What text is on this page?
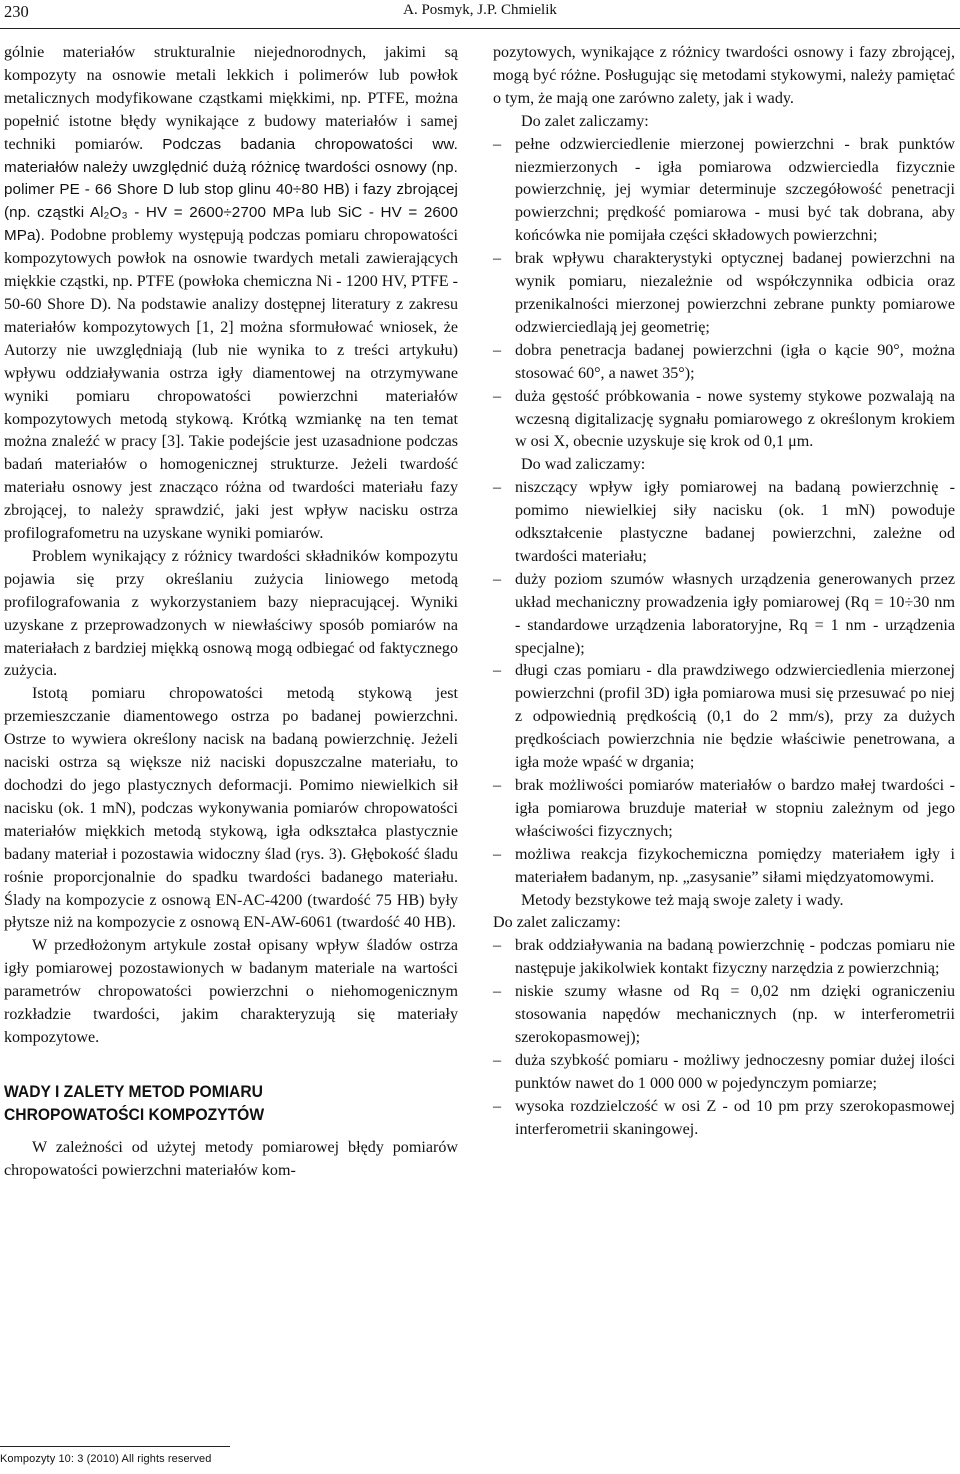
230	A. Posmyk, J.P. Chmielik

gólnie materiałów strukturalnie niejednorodnych, jakimi są kompozyty na osnowie metali lekkich i polimerów lub powłok metalicznych modyfikowane cząstkami miękkimi, np. PTFE, można popełnić istotne błędy wynikające z budowy materiałów i samej techniki pomiarów. Podczas badania chropowatości ww. materiałów należy uwzględnić dużą różnicę twardości osnowy (np. polimer PE - 66 Shore D lub stop glinu 40÷80 HB) i fazy zbrojącej (np. cząstki Al₂O₃ - HV = 2600÷2700 MPa lub SiC - HV = 2600 MPa). Podobne problemy występują podczas pomiaru chropowatości kompozytowych powłok na osnowie twardych metali zawierających miękkie cząstki, np. PTFE (powłoka chemiczna Ni - 1200 HV, PTFE - 50-60 Shore D). Na podstawie analizy dostępnej literatury z zakresu materiałów kompozytowych [1, 2] można sformułować wniosek, że Autorzy nie uwzględniają (lub nie wynika to z treści artykułu) wpływu oddziaływania ostrza igły diamentowej na otrzymywane wyniki pomiaru chropowatości powierzchni materiałów kompozytowych metodą stykową. Krótką wzmiankę na ten temat można znaleźć w pracy [3]. Takie podejście jest uzasadnione podczas badań materiałów o homogenicznej strukturze. Jeżeli twardość materiału osnowy jest znacząco różna od twardości materiału fazy zbrojącej, to należy sprawdzić, jaki jest wpływ nacisku ostrza profilografometru na uzyskane wyniki pomiarów.

Problem wynikający z różnicy twardości składników kompozytu pojawia się przy określaniu zużycia liniowego metodą profilografowania z wykorzystaniem bazy niepracującej. Wyniki uzyskane z przeprowadzonych w niewłaściwy sposób pomiarów na materiałach z bardziej miękką osnową mogą odbiegać od faktycznego zużycia.

Istotą pomiaru chropowatości metodą stykową jest przemieszczanie diamentowego ostrza po badanej powierzchni. Ostrze to wywiera określony nacisk na badaną powierzchnię. Jeżeli naciski ostrza są większe niż naciski dopuszczalne materiału, to dochodzi do jego plastycznych deformacji. Pomimo niewielkich sił nacisku (ok. 1 mN), podczas wykonywania pomiarów chropowatości materiałów miękkich metodą stykową, igła odkształca plastycznie badany materiał i pozostawia widoczny ślad (rys. 3). Głębokość śladu rośnie proporcjonalnie do spadku twardości badanego materiału. Ślady na kompozycie z osnową EN-AC-4200 (twardość 75 HB) były płytsze niż na kompozycie z osnową EN-AW-6061 (twardość 40 HB).

W przedłożonym artykule został opisany wpływ śladów ostrza igły pomiarowej pozostawionych w badanym materiale na wartości parametrów chropowatości powierzchni o niehomogenicznym rozkładzie twardości, jakim charakteryzują się materiały kompozytowe.

WADY I ZALETY METOD POMIARU
CHROPOWATOŚCI KOMPOZYTÓW

W zależności od użytej metody pomiarowej błędy pomiarów chropowatości powierzchni materiałów kom-

pozytowych, wynikające z różnicy twardości osnowy i fazy zbrojącej, mogą być różne. Posługując się metodami stykowymi, należy pamiętać o tym, że mają one zarówno zalety, jak i wady.

Do zalet zaliczamy:

– pełne odzwierciedlenie mierzonej powierzchni - brak punktów niezmierzonych - igła pomiarowa odzwierciedla fizycznie powierzchnię, jej wymiar determinuje szczegółowość penetracji powierzchni; prędkość pomiarowa - musi być tak dobrana, aby końcówka nie pomijała części składowych powierzchni;
– brak wpływu charakterystyki optycznej badanej powierzchni na wynik pomiaru, niezależnie od współczynnika odbicia oraz przenikalności mierzonej powierzchni zebrane punkty pomiarowe odzwierciedlają jej geometrię;
– dobra penetracja badanej powierzchni (igła o kącie 90°, można stosować 60°, a nawet 35°);
– duża gęstość próbkowania - nowe systemy stykowe pozwalają na wczesną digitalizację sygnału pomiarowego z określonym krokiem w osi X, obecnie uzyskuje się krok od 0,1 μm.

Do wad zaliczamy:

– niszczący wpływ igły pomiarowej na badaną powierzchnię - pomimo niewielkiej siły nacisku (ok. 1 mN) powoduje odkształcenie plastyczne badanej powierzchni, zależne od twardości materiału;
– duży poziom szumów własnych urządzenia generowanych przez układ mechaniczny prowadzenia igły pomiarowej (Rq = 10÷30 nm - standardowe urządzenia laboratoryjne, Rq = 1 nm - urządzenia specjalne);
– długi czas pomiaru - dla prawdziwego odzwierciedlenia mierzonej powierzchni (profil 3D) igła pomiarowa musi się przesuwać po niej z odpowiednią prędkością (0,1 do 2 mm/s), przy za dużych prędkościach powierzchnia nie będzie właściwie penetrowana, a igła może wpaść w drgania;
– brak możliwości pomiarów materiałów o bardzo małej twardości - igła pomiarowa bruzduje materiał w stopniu zależnym od jego właściwości fizycznych;
– możliwa reakcja fizykochemiczna pomiędzy materiałem igły i materiałem badanym, np. „zasysanie” siłami międzyatomowymi.

Metody bezstykowe też mają swoje zalety i wady.

Do zalet zaliczamy:

– brak oddziaływania na badaną powierzchnię - podczas pomiaru nie następuje jakikolwiek kontakt fizyczny narzędzia z powierzchnią;
– niskie szumy własne od Rq = 0,02 nm dzięki ograniczeniu stosowania napędów mechanicznych (np. w interferometrii szerokopasmowej);
– duża szybkość pomiaru - możliwy jednoczesny pomiar dużej ilości punktów nawet do 1 000 000 w pojedynczym pomiarze;
– wysoka rozdzielczość w osi Z - od 10 pm przy szerokopasmowej interferometrii skaningowej.
Kompozyty 10: 3 (2010) All rights reserved
